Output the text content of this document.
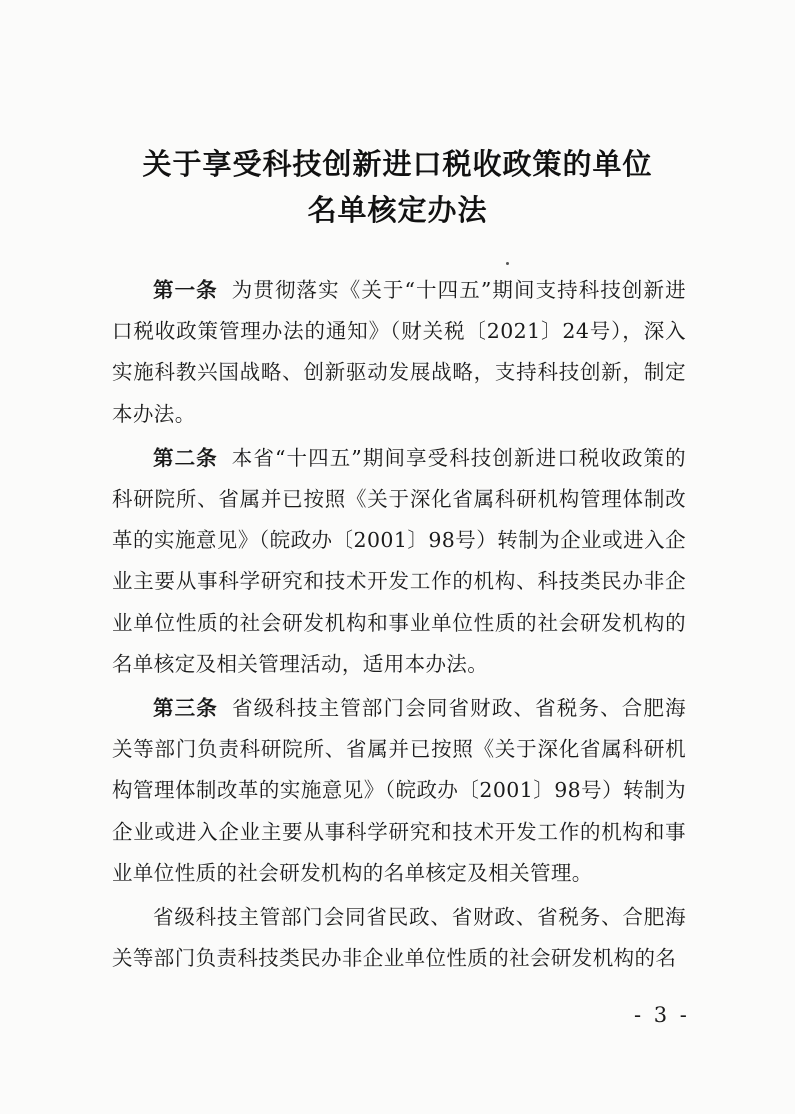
关于享受科技创新进口税收政策的单位
名单核定办法

第一条 为贯彻落实《关于“十四五”期间支持科技创新进口税收政策管理办法的通知》（财关税〔2021〕24号），深入实施科教兴国战略、创新驱动发展战略，支持科技创新，制定本办法。

第二条 本省“十四五”期间享受科技创新进口税收政策的科研院所、省属并已按照《关于深化省属科研机构管理体制改革的实施意见》（皖政办〔2001〕98号）转制为企业或进入企业主要从事科学研究和技术开发工作的机构、科技类民办非企业单位性质的社会研发机构和事业单位性质的社会研发机构的名单核定及相关管理活动，适用本办法。

第三条 省级科技主管部门会同省财政、省税务、合肥海关等部门负责科研院所、省属并已按照《关于深化省属科研机构管理体制改革的实施意见》（皖政办〔2001〕98号）转制为企业或进入企业主要从事科学研究和技术开发工作的机构和事业单位性质的社会研发机构的名单核定及相关管理。

省级科技主管部门会同省民政、省财政、省税务、合肥海关等部门负责科技类民办非企业单位性质的社会研发机构的名

- 3 -
